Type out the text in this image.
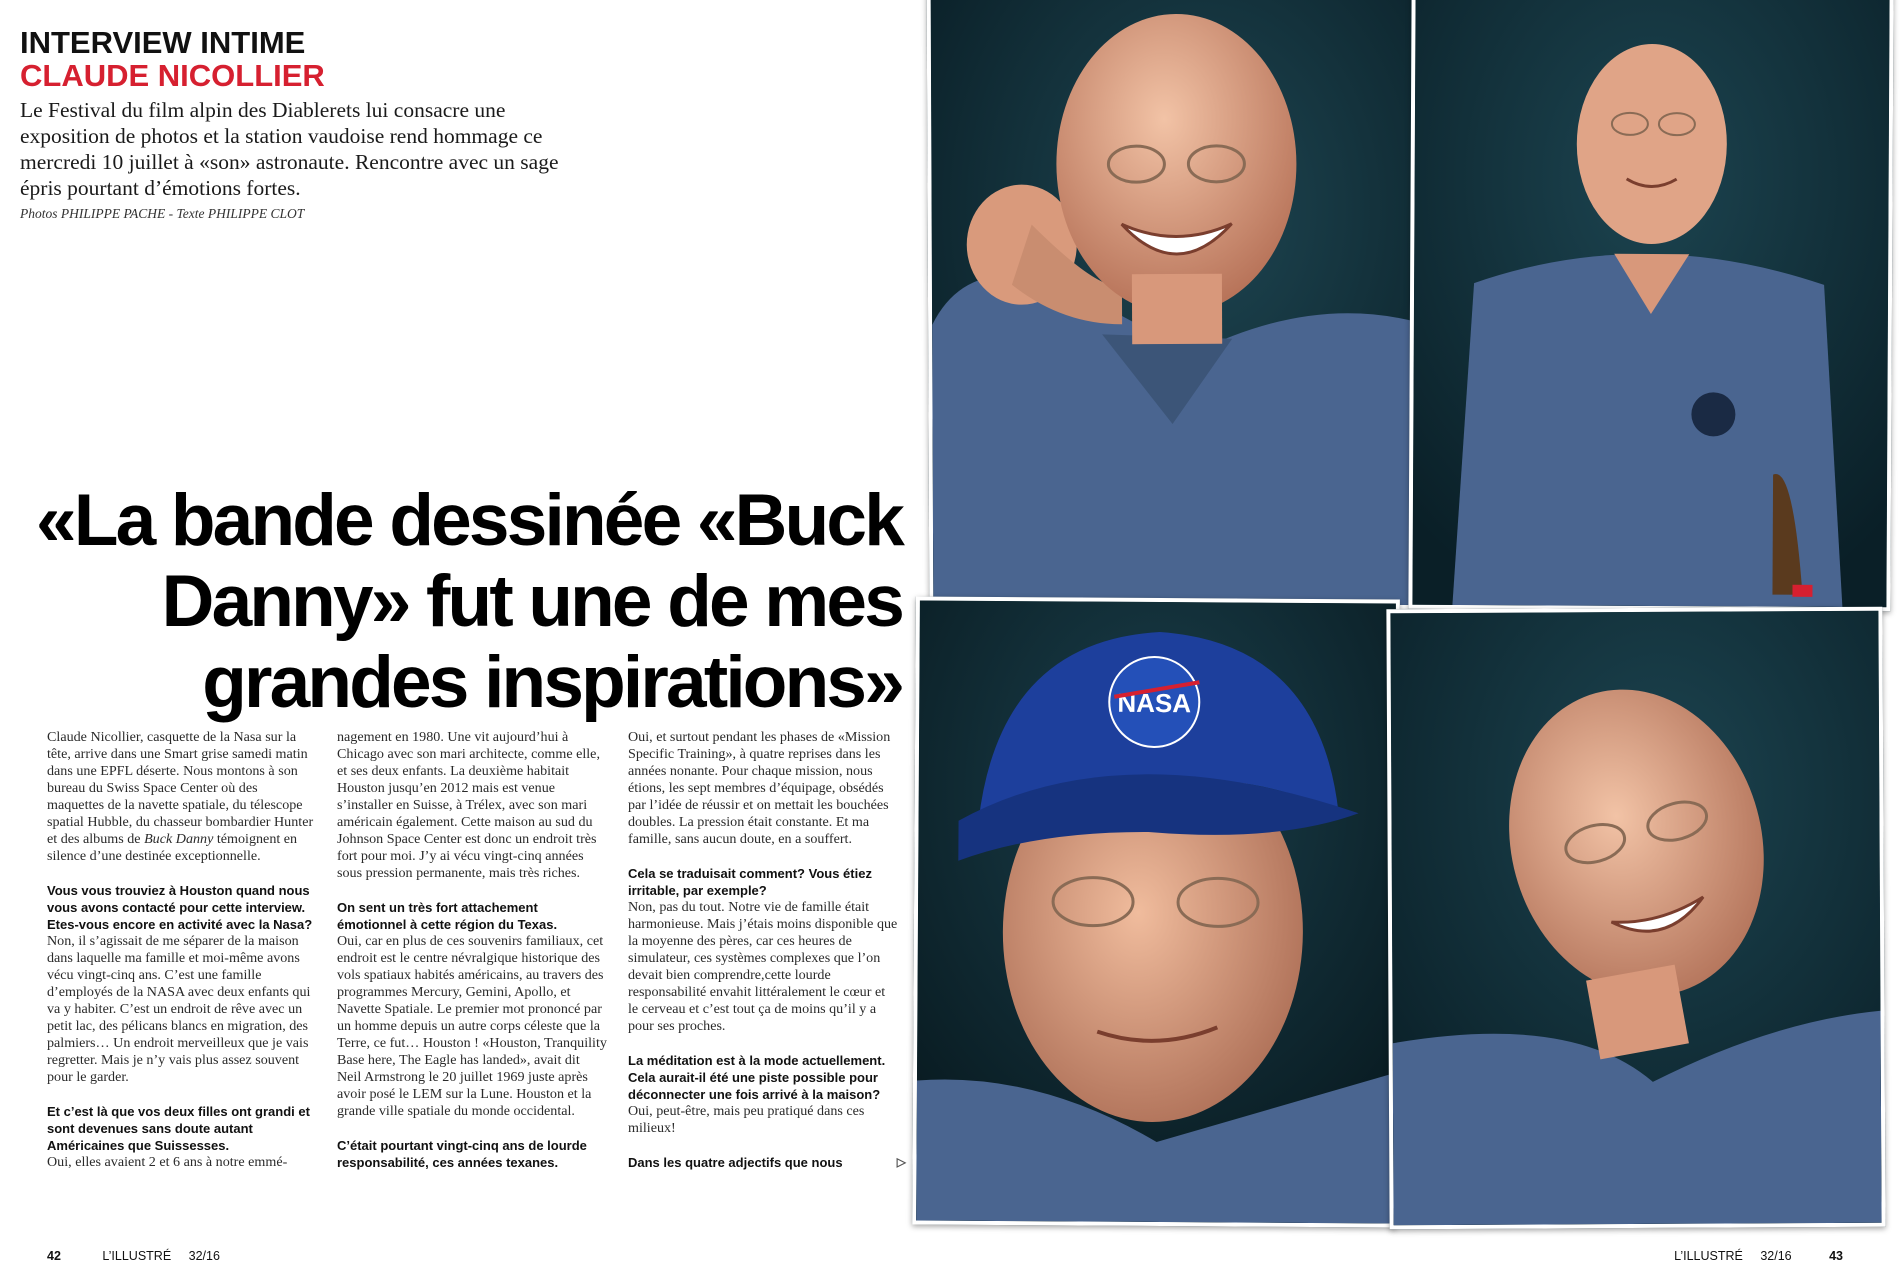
INTERVIEW INTIME
CLAUDE NICOLLIER

Le Festival du film alpin des Diablerets lui consacre une exposition de photos et la station vaudoise rend hommage ce mercredi 10 juillet à «son» astronaute. Rencontre avec un sage épris pourtant d’émotions fortes.

Photos PHILIPPE PACHE - Texte PHILIPPE CLOT

«La bande dessinée «Buck Danny» fut une de mes grandes inspirations»

Claude Nicollier, casquette de la Nasa sur la tête, arrive dans une Smart grise samedi matin dans une EPFL déserte. Nous montons à son bureau du Swiss Space Center où des maquettes de la navette spatiale, du télescope spatial Hubble, du chasseur bombardier Hunter et des albums de Buck Danny témoignent en silence d’une destinée exceptionnelle.

Vous vous trouviez à Houston quand nous vous avons contacté pour cette interview. Etes-vous encore en activité avec la Nasa?

Non, il s’agissait de me séparer de la maison dans laquelle ma famille et moi-même avons vécu vingt-cinq ans. C’est une famille d’employés de la NASA avec deux enfants qui va y habiter. C’est un endroit de rêve avec un petit lac, des pélicans blancs en migration, des palmiers… Un endroit merveilleux que je vais regretter. Mais je n’y vais plus assez souvent pour le garder.

Et c’est là que vos deux filles ont grandi et sont devenues sans doute autant Américaines que Suissesses.

Oui, elles avaient 2 et 6 ans à notre emmé-

nagement en 1980. Une vit aujourd’hui à Chicago avec son mari architecte, comme elle, et ses deux enfants. La deuxième habitait Houston jusqu’en 2012 mais est venue s’installer en Suisse, à Trélex, avec son mari américain également. Cette maison au sud du Johnson Space Center est donc un endroit très fort pour moi. J’y ai vécu vingt-cinq années sous pression permanente, mais très riches.

On sent un très fort attachement émotionnel à cette région du Texas.

Oui, car en plus de ces souvenirs familiaux, cet endroit est le centre névralgique historique des vols spatiaux habités américains, au travers des programmes Mercury, Gemini, Apollo, et Navette Spatiale. Le premier mot prononcé par un homme depuis un autre corps céleste que la Terre, ce fut… Houston ! «Houston, Tranquility Base here, The Eagle has landed», avait dit Neil Armstrong le 20 juillet 1969 juste après avoir posé le LEM sur la Lune. Houston et la grande ville spatiale du monde occidental.

C’était pourtant vingt-cinq ans de lourde responsabilité, ces années texanes.

Oui, et surtout pendant les phases de «Mission Specific Training», à quatre reprises dans les années nonante. Pour chaque mission, nous étions, les sept membres d’équipage, obsédés par l’idée de réussir et on mettait les bouchées doubles. La pression était constante. Et ma famille, sans aucun doute, en a souffert.

Cela se traduisait comment? Vous étiez irritable, par exemple?

Non, pas du tout. Notre vie de famille était harmonieuse. Mais j’étais moins disponible que la moyenne des pères, car ces heures de simulateur, ces systèmes complexes que l’on devait bien comprendre,cette lourde responsabilité envahit littéralement le cœur et le cerveau et c’est tout ça de moins qu’il y a pour ses proches.

La méditation est à la mode actuellement. Cela aurait-il été une piste possible pour déconnecter une fois arrivé à la maison?

Oui, peut-être, mais peu pratiqué dans ces milieux!

Dans les quatre adjectifs que nous	▷

42	L’ILLUSTRÉ 32/16	L’ILLUSTRÉ 32/16	43
NASA
